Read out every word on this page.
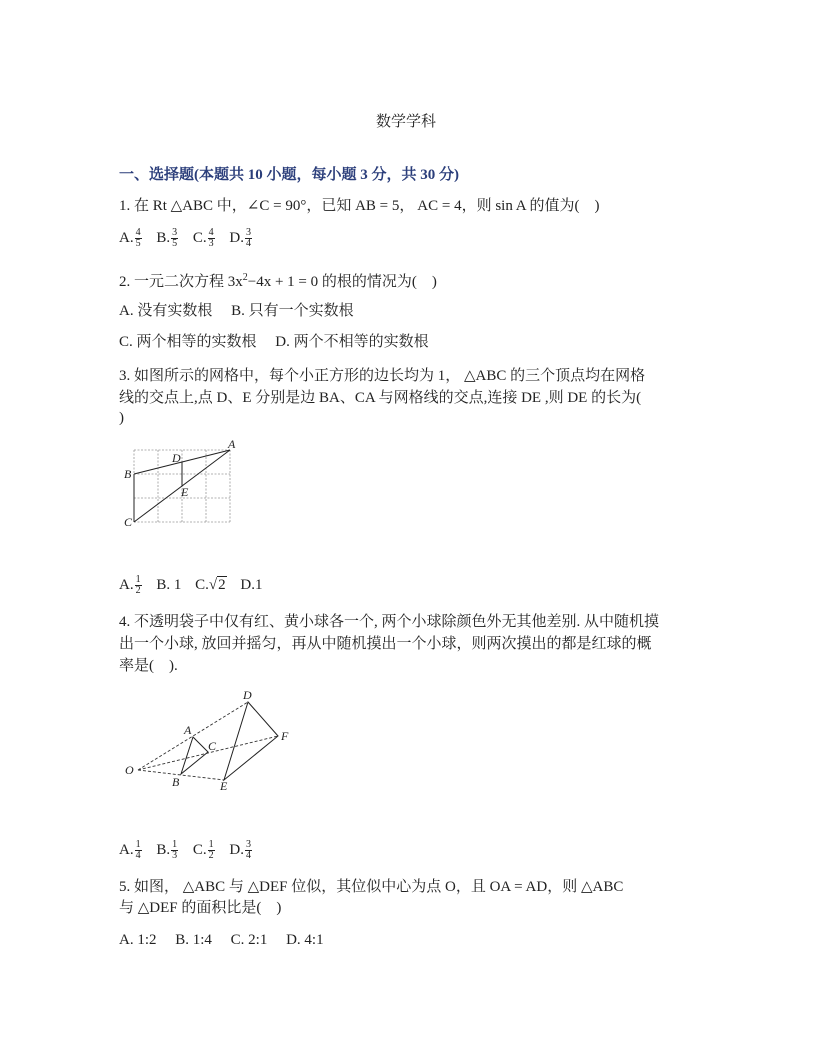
数学学科
一、选择题(本题共 10 小题，每小题 3 分，共 30 分)
1. 在 Rt △ABC 中，∠C = 90°，已知 AB = 5， AC = 4，则 sin A 的值为(　)
A. $\frac{4}{5} B$. $\frac{3}{5} C$. $\frac{4}{3} D$. $\frac{3}{4}$
2. 一元二次方程 $3x^2-4x + 1 = 0$ 的根的情况为(　)
A. 没有实数根　 B. 只有一个实数根
C. 两个相等的实数根　 D. 两个不相等的实数根
3. 如图所示的网格中，每个小正方形的边长均为 1， △ABC 的三个顶点均在网格
线的交点上,点 D、E 分别是边 BA、CA 与网格线的交点,连接 DE ,则 DE 的长为(
)
A
B
C
D
E
A. $\frac{1}{2} B$. 1 C.√2 D.1
4. 不透明袋子中仅有红、黄小球各一个, 两个小球除颜色外无其他差别. 从中随机摸
出一个小球, 放回并摇匀，再从中随机摸出一个小球，则两次摸出的都是红球的概
率是(　).
O
A
B
C
D
E
F
A. $\frac{1}{4} B$. $\frac{1}{3} C$. $\frac{1}{2} D$. $\frac{3}{4}$
5. 如图， △ABC 与 △DEF 位似，其位似中心为点 O，且 OA = AD，则 △ABC
与 △DEF 的面积比是(　)
A. 1:2　 B. 1:4　 C. 2:1　 D. 4:1
